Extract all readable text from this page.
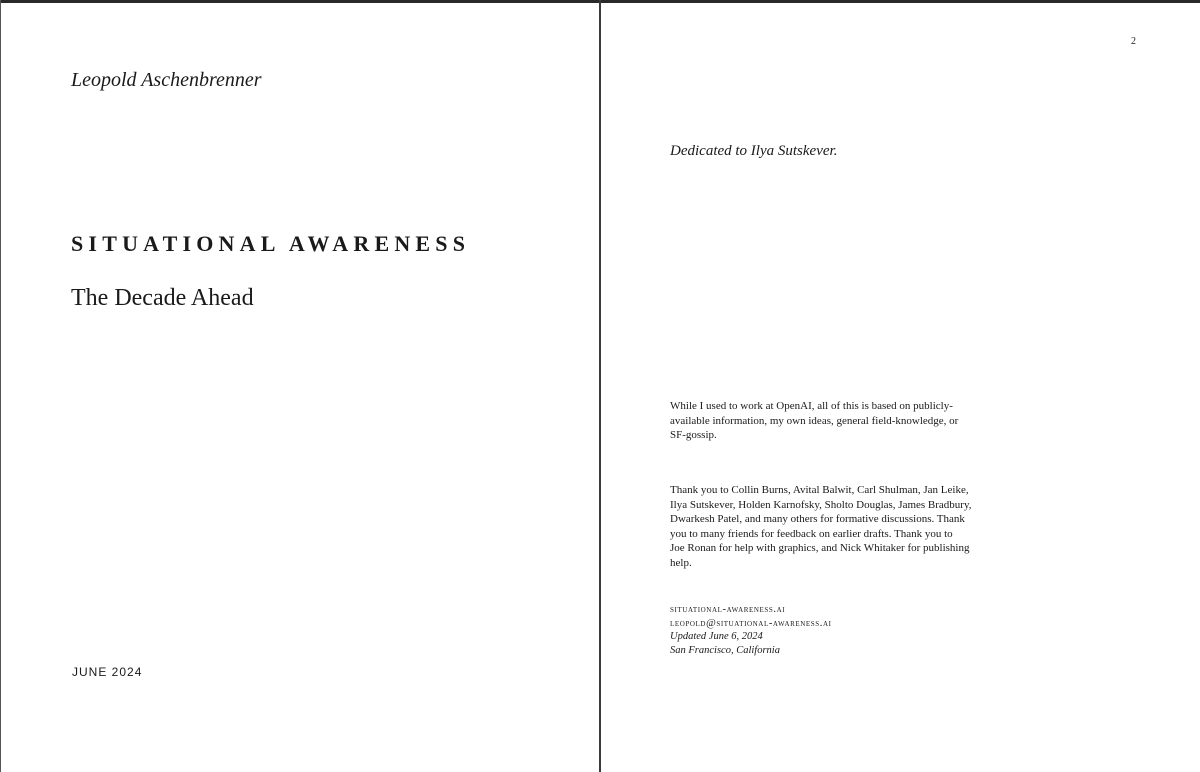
Leopold Aschenbrenner

SITUATIONAL AWARENESS
The Decade Ahead
JUNE 2024
2

Dedicated to Ilya Sutskever.

While I used to work at OpenAI, all of this is based on publicly-
available information, my own ideas, general field-knowledge, or
SF-gossip.

Thank you to Collin Burns, Avital Balwit, Carl Shulman, Jan Leike,
Ilya Sutskever, Holden Karnofsky, Sholto Douglas, James Bradbury,
Dwarkesh Patel, and many others for formative discussions. Thank
you to many friends for feedback on earlier drafts. Thank you to
Joe Ronan for help with graphics, and Nick Whitaker for publishing
help.

situational-awareness.ai
leopold@situational-awareness.ai
Updated June 6, 2024
San Francisco, California
